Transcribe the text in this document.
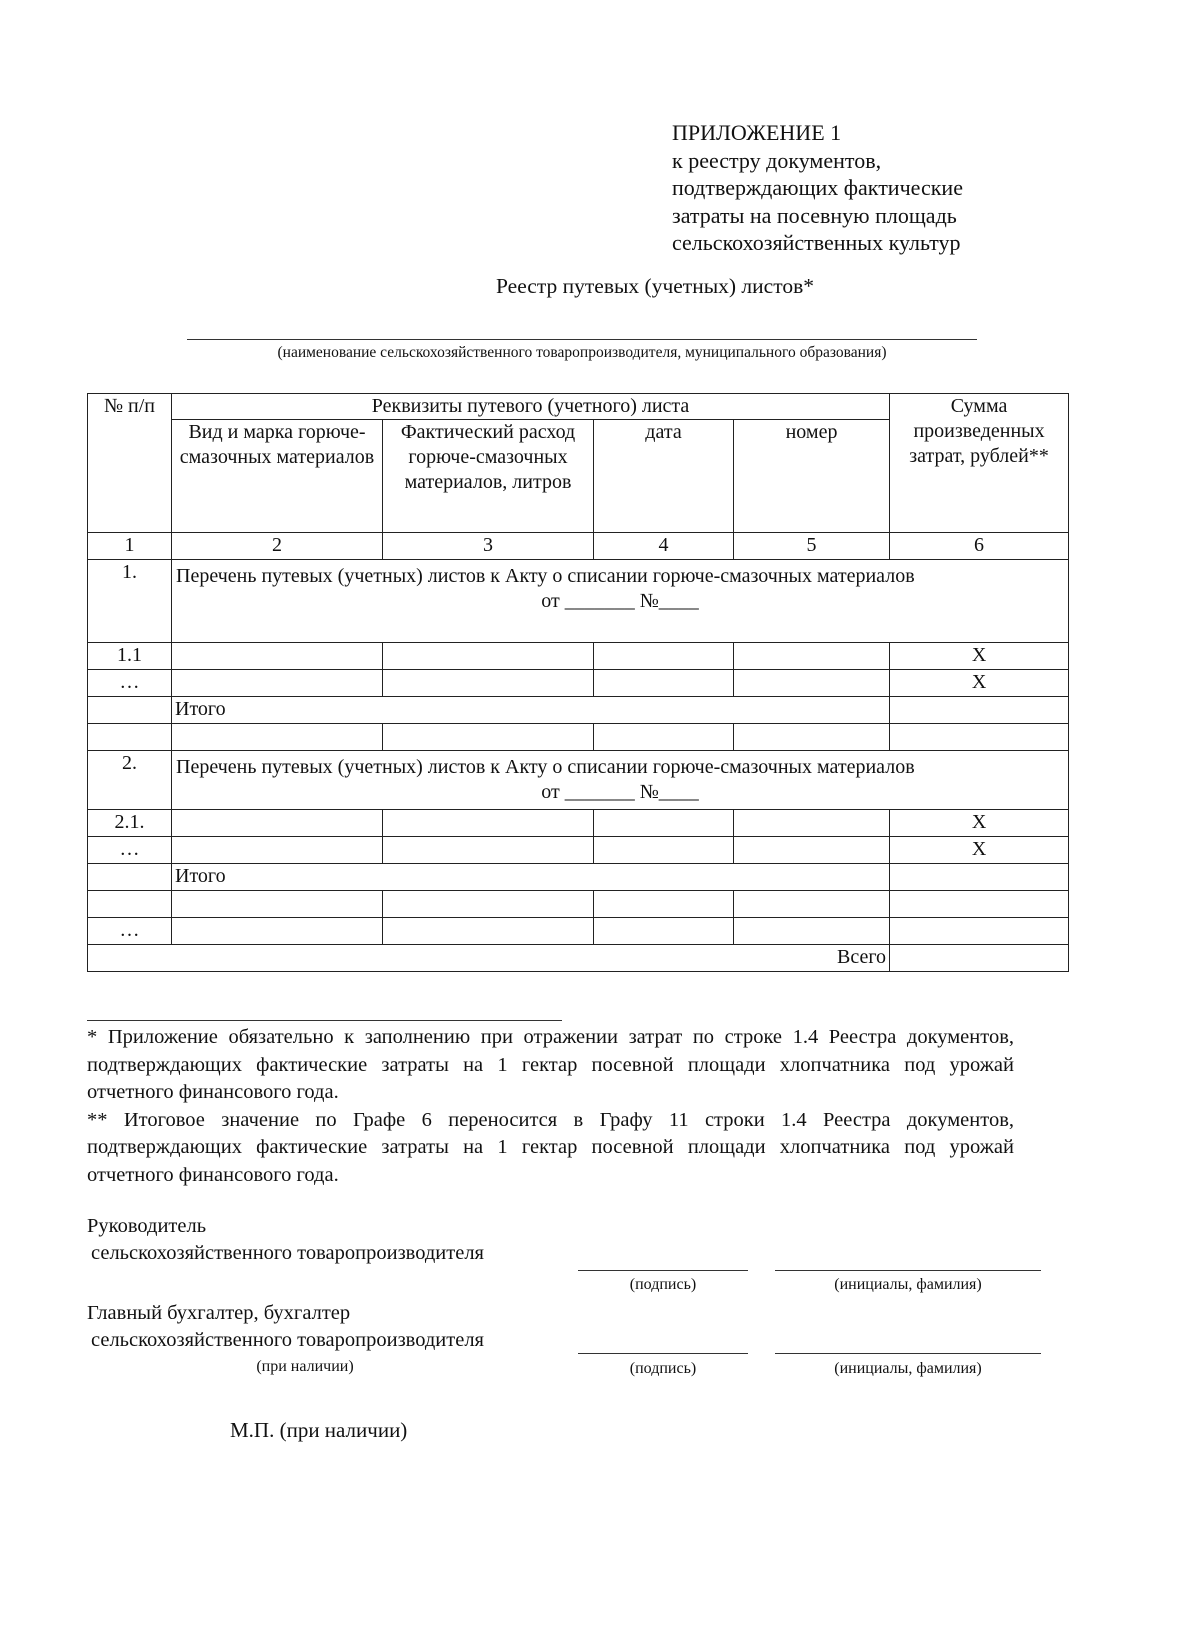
ПРИЛОЖЕНИЕ 1
к реестру документов,
подтверждающих фактические
затраты на посевную площадь
сельскохозяйственных культур
Реестр путевых (учетных) листов*
(наименование сельскохозяйственного товаропроизводителя, муниципального образования)
№ п/п	Реквизиты путевого (учетного) листа				Сумма произведенных затрат, рублей**
	Вид и марка горюче-смазочных материалов	Фактический расход горюче-смазочных материалов, литров	дата	номер	
1	2	3	4	5	6
1.	Перечень путевых (учетных) листов к Акту о списании горюче-смазочных материалов
от _______ №____				

1.1					X
…					X
	Итого				

2.	Перечень путевых (учетных) листов к Акту о списании горюче-смазочных материалов
от _______ №____				

2.1.					X
…					X
	Итого				

…					
Всего					

* Приложение обязательно к заполнению при отражении затрат по строке 1.4 Реестра документов, подтверждающих фактические затраты на 1 гектар посевной площади хлопчатника под урожай отчетного финансового года.

** Итоговое значение по Графе 6 переносится в Графу 11 строки 1.4 Реестра документов, подтверждающих фактические затраты на 1 гектар посевной площади хлопчатника под урожай отчетного финансового года.

Руководитель
сельскохозяйственного товаропроизводителя
(подпись)	(инициалы, фамилия)
Главный бухгалтер, бухгалтер
сельскохозяйственного товаропроизводителя
(при наличии)	(подпись)	(инициалы, фамилия)
М.П. (при наличии)
